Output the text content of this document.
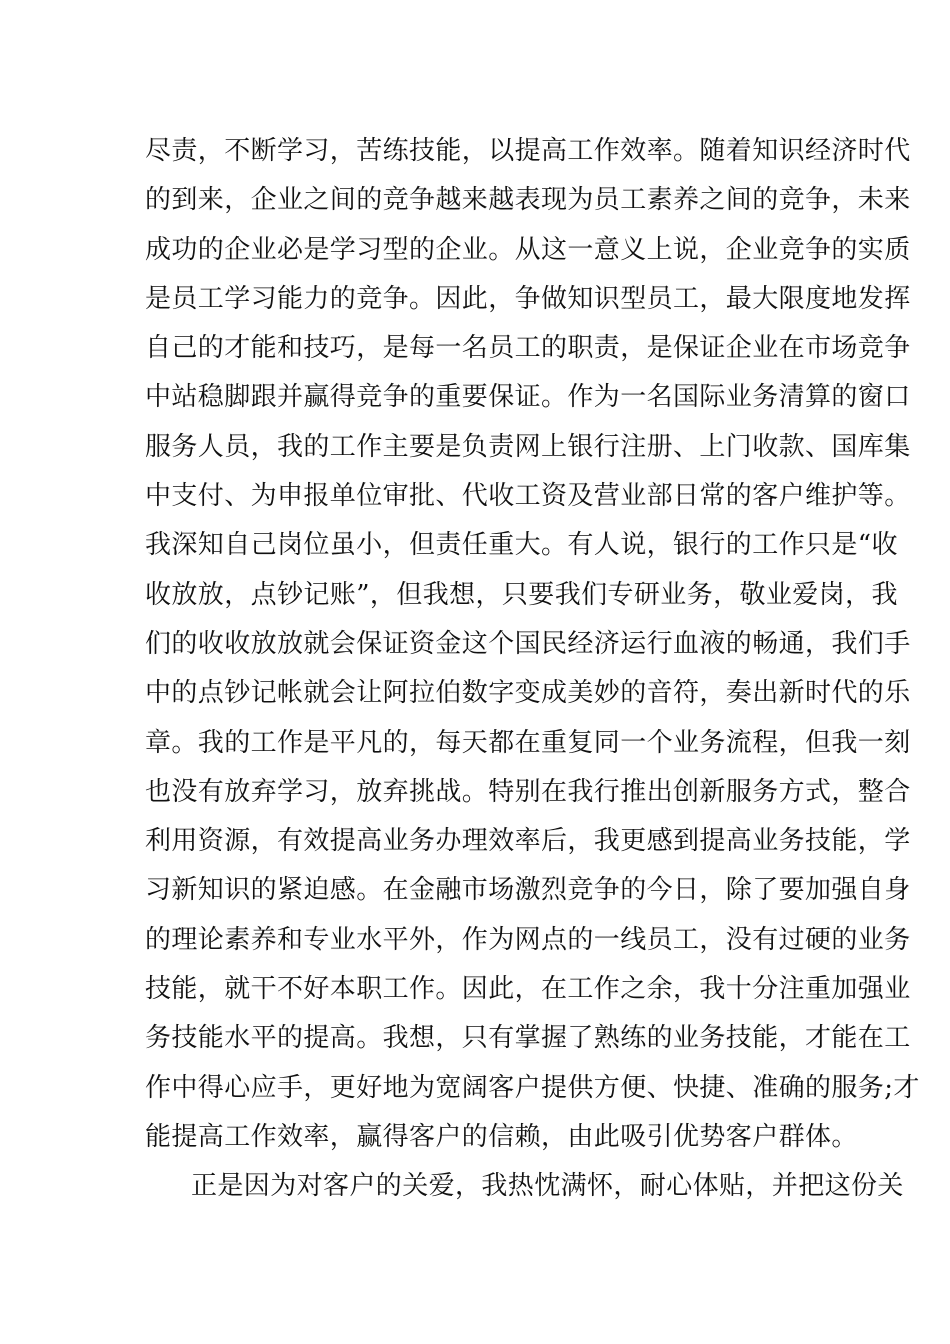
尽责，不断学习，苦练技能，以提高工作效率。随着知识经济时代
的到来，企业之间的竞争越来越表现为员工素养之间的竞争，未来
成功的企业必是学习型的企业。从这一意义上说，企业竞争的实质
是员工学习能力的竞争。因此，争做知识型员工，最大限度地发挥
自己的才能和技巧，是每一名员工的职责，是保证企业在市场竞争
中站稳脚跟并赢得竞争的重要保证。作为一名国际业务清算的窗口
服务人员，我的工作主要是负责网上银行注册、上门收款、国库集
中支付、为申报单位审批、代收工资及营业部日常的客户维护等。
我深知自己岗位虽小，但责任重大。有人说，银行的工作只是“收
收放放，点钞记账”，但我想，只要我们专研业务，敬业爱岗，我
们的收收放放就会保证资金这个国民经济运行血液的畅通，我们手
中的点钞记帐就会让阿拉伯数字变成美妙的音符，奏出新时代的乐
章。我的工作是平凡的，每天都在重复同一个业务流程，但我一刻
也没有放弃学习，放弃挑战。特别在我行推出创新服务方式，整合
利用资源，有效提高业务办理效率后，我更感到提高业务技能，学
习新知识的紧迫感。在金融市场激烈竞争的今日，除了要加强自身
的理论素养和专业水平外，作为网点的一线员工，没有过硬的业务
技能，就干不好本职工作。因此，在工作之余，我十分注重加强业
务技能水平的提高。我想，只有掌握了熟练的业务技能，才能在工
作中得心应手，更好地为宽阔客户提供方便、快捷、准确的服务;才
能提高工作效率，赢得客户的信赖，由此吸引优势客户群体。
正是因为对客户的关爱，我热忱满怀，耐心体贴，并把这份关
